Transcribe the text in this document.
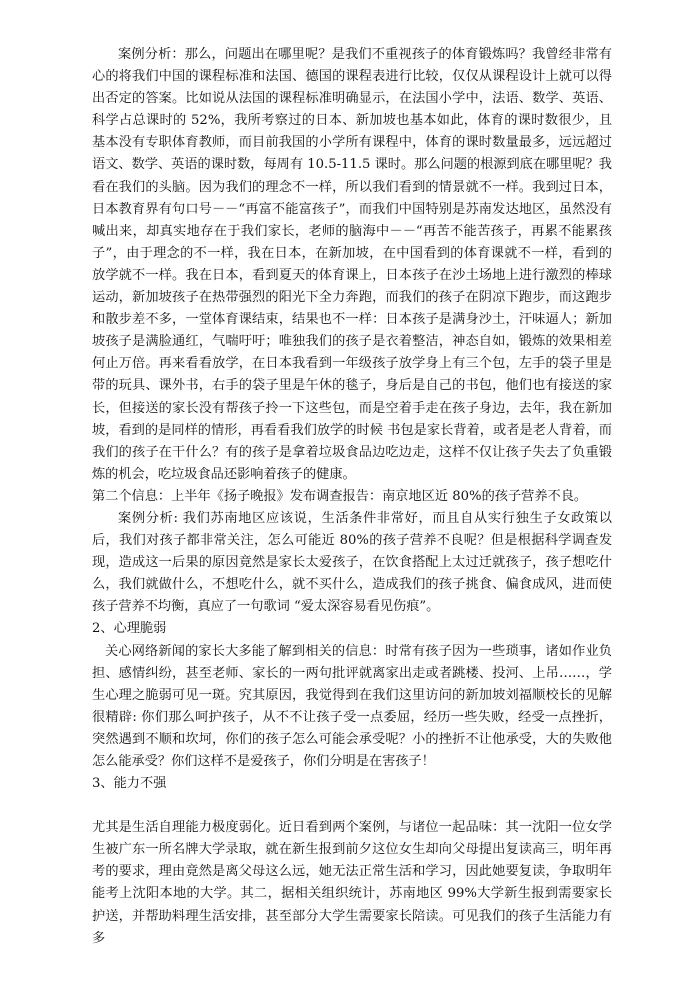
案例分析：那么，问题出在哪里呢？是我们不重视孩子的体育锻炼吗？我曾经非常有心的将我们中国的课程标准和法国、德国的课程表进行比较，仅仅从课程设计上就可以得出否定的答案。比如说从法国的课程标准明确显示，在法国小学中，法语、数学、英语、科学占总课时的 52%，我所考察过的日本、新加坡也基本如此，体育的课时数很少，且基本没有专职体育教师，而目前我国的小学所有课程中，体育的课时数量最多，远远超过语文、数学、英语的课时数，每周有 10.5-11.5 课时。那么问题的根源到底在哪里呢？我看在我们的头脑。因为我们的理念不一样，所以我们看到的情景就不一样。我到过日本，日本教育界有句口号－－“再富不能富孩子”，而我们中国特别是苏南发达地区，虽然没有喊出来，却真实地存在于我们家长，老师的脑海中－－“再苦不能苦孩子，再累不能累孩子”，由于理念的不一样，我在日本，在新加坡，在中国看到的体育课就不一样，看到的放学就不一样。我在日本，看到夏天的体育课上，日本孩子在沙土场地上进行激烈的棒球运动，新加坡孩子在热带强烈的阳光下全力奔跑，而我们的孩子在阴凉下跑步，而这跑步和散步差不多，一堂体育课结束，结果也不一样：日本孩子是满身沙土，汗味逼人；新加坡孩子是满脸通红，气喘吁吁；唯独我们的孩子是衣着整洁，神态自如，锻炼的效果相差何止万倍。再来看看放学，在日本我看到一年级孩子放学身上有三个包，左手的袋子里是带的玩具、课外书，右手的袋子里是午休的毯子，身后是自己的书包，他们也有接送的家长，但接送的家长没有帮孩子拎一下这些包，而是空着手走在孩子身边，去年，我在新加坡，看到的是同样的情形，再看看我们放学的时候 书包是家长背着，或者是老人背着，而我们的孩子在干什么？有的孩子是拿着垃圾食品边吃边走，这样不仅让孩子失去了负重锻炼的机会，吃垃圾食品还影响着孩子的健康。

第二个信息：上半年《扬子晚报》发布调查报告：南京地区近 80%的孩子营养不良。

案例分析: 我们苏南地区应该说，生活条件非常好，而且自从实行独生子女政策以后，我们对孩子都非常关注，怎么可能近 80%的孩子营养不良呢？但是根据科学调查发现，造成这一后果的原因竟然是家长太爱孩子，在饮食搭配上太过迁就孩子，孩子想吃什么，我们就做什么，不想吃什么，就不买什么，造成我们的孩子挑食、偏食成风，进而使孩子营养不均衡，真应了一句歌词 “爱太深容易看见伤痕”。

2、心理脆弱

关心网络新闻的家长大多能了解到相关的信息：时常有孩子因为一些琐事，诸如作业负担、感情纠纷，甚至老师、家长的一两句批评就离家出走或者跳楼、投河、上吊……，学生心理之脆弱可见一斑。究其原因，我觉得到在我们这里访问的新加坡刘福顺校长的见解很精辟: 你们那么呵护孩子，从不不让孩子受一点委屈，经历一些失败，经受一点挫折，突然遇到不顺和坎坷，你们的孩子怎么可能会承受呢？小的挫折不让他承受，大的失败他怎么能承受？你们这样不是爱孩子，你们分明是在害孩子！

3、能力不强

尤其是生活自理能力极度弱化。近日看到两个案例，与诸位一起品味：其一沈阳一位女学生被广东一所名牌大学录取，就在新生报到前夕这位女生却向父母提出复读高三，明年再考的要求，理由竟然是离父母这么远，她无法正常生活和学习，因此她要复读，争取明年能考上沈阳本地的大学。其二，据相关组织统计，苏南地区 99%大学新生报到需要家长护送，并帮助料理生活安排，甚至部分大学生需要家长陪读。可见我们的孩子生活能力有多
